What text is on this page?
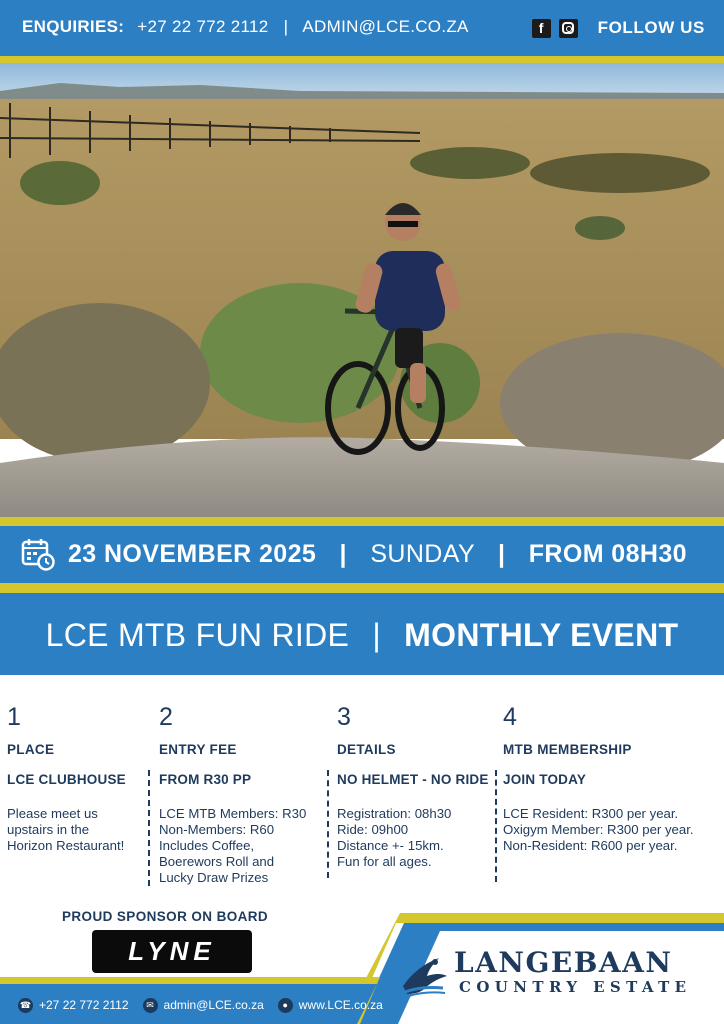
ENQUIRIES: +27 22 772 2112 | ADMIN@LCE.CO.ZA	f	FOLLOW US
23 NOVEMBER 2025 | SUNDAY | FROM 08H30
LCE MTB FUN RIDE | MONTHLY EVENT
1
PLACE
LCE CLUBHOUSE
Please meet us
upstairs in the
Horizon Restaurant!
2
ENTRY FEE
FROM R30 PP
LCE MTB Members: R30
Non-Members: R60
Includes Coffee,
Boerewors Roll and
Lucky Draw Prizes
3
DETAILS
NO HELMET - NO RIDE
Registration: 08h30
Ride: 09h00
Distance +- 15km.
Fun for all ages.
4
MTB MEMBERSHIP
JOIN TODAY
LCE Resident: R300 per year.
Oxigym Member: R300 per year.
Non-Resident: R600 per year.
PROUD SPONSOR ON BOARD
LYNE
☎ +27 22 772 2112	✉ admin@LCE.co.za	● www.LCE.co.za
LANGEBAAN
COUNTRY ESTATE
